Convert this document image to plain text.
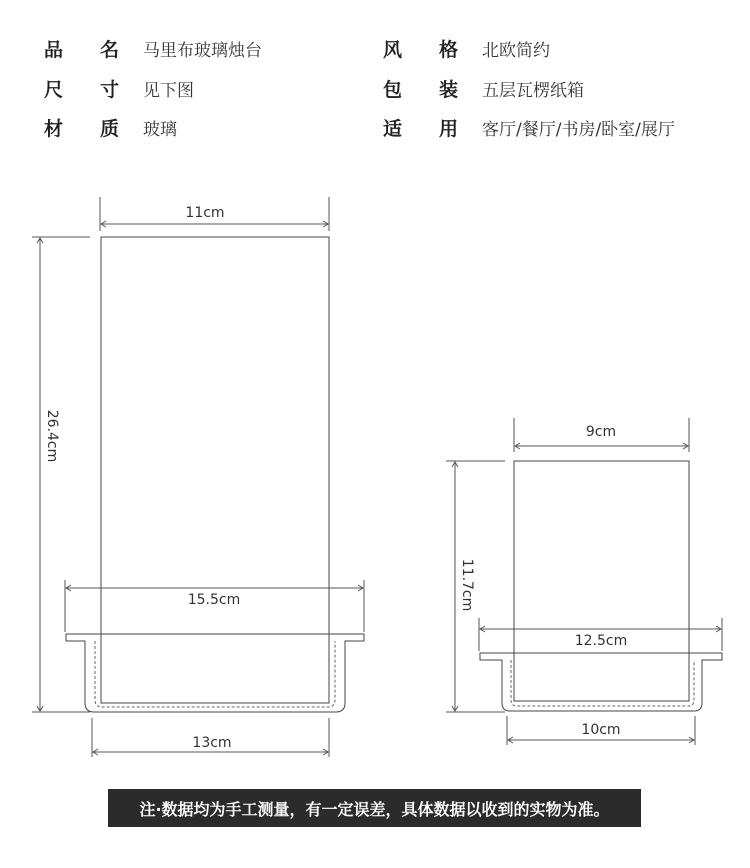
品 名 马里布玻璃烛台
尺 寸 见下图
材 质 玻璃
风 格 北欧简约
包 装 五层瓦楞纸箱
适 用 客厅/餐厅/书房/卧室/展厅
11cm
15.5cm
13cm
26.4cm	9cm
12.5cm
10cm
11.7cm
注·数据均为手工测量，有一定误差，具体数据以收到的实物为准。
